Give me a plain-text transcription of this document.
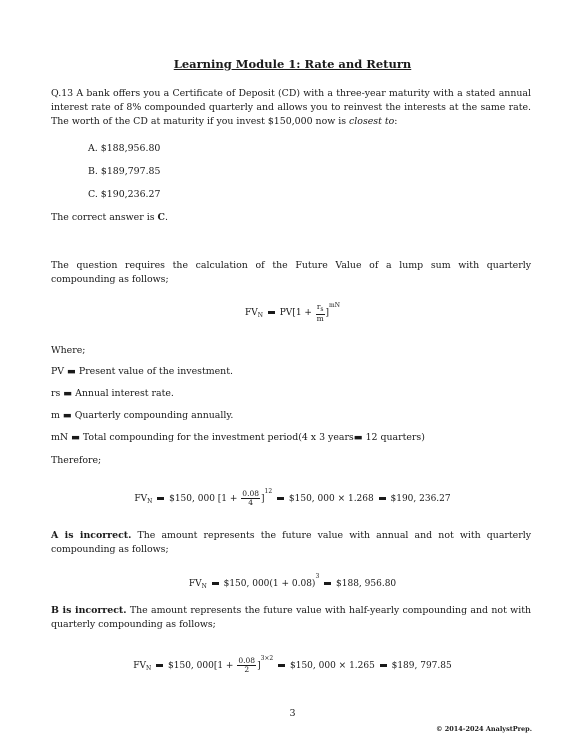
Learning Module 1: Rate and Return
Q.13 A bank offers you a Certificate of Deposit (CD) with a three-year maturity with a stated annual interest rate of 8% compounded quarterly and allows you to reinvest the interests at the same rate. The worth of the CD at maturity if you invest $150,000 now is closest to:
A. $188,956.80
B. $189,797.85
C. $190,236.27
The correct answer is C.
The question requires the calculation of the Future Value of a lump sum with quarterly compounding as follows;
$FV_N$ $PV[1 + \frac{r_s}{m} ]^{mN}$
Where;
PV ▬ Present value of the investment.
rs ▬ Annual interest rate.
m ▬ Quarterly compounding annually.
mN ▬ Total compounding for the investment period(4 x 3 years▬ 12 quarters)
Therefore;
$FV_N$ $150, 000 $[1 + \frac{0.08}{4} ]^{12}$  $150, 000 × 1.268 $190, 236.27
A is incorrect. The amount represents the future value with annual and not with quarterly compounding as follows;
$FV_N$ $150, $000(1 + 0.08)^3$  $188, 956.80
B is incorrect. The amount represents the future value with half-yearly compounding and not with quarterly compounding as follows;
$FV_N$ $150, $000[1 + \frac{0.08}{2} ]^{3\times 2}$  $150, 000 × 1.265 $189, 797.85
3
© 2014-2024 AnalystPrep.
